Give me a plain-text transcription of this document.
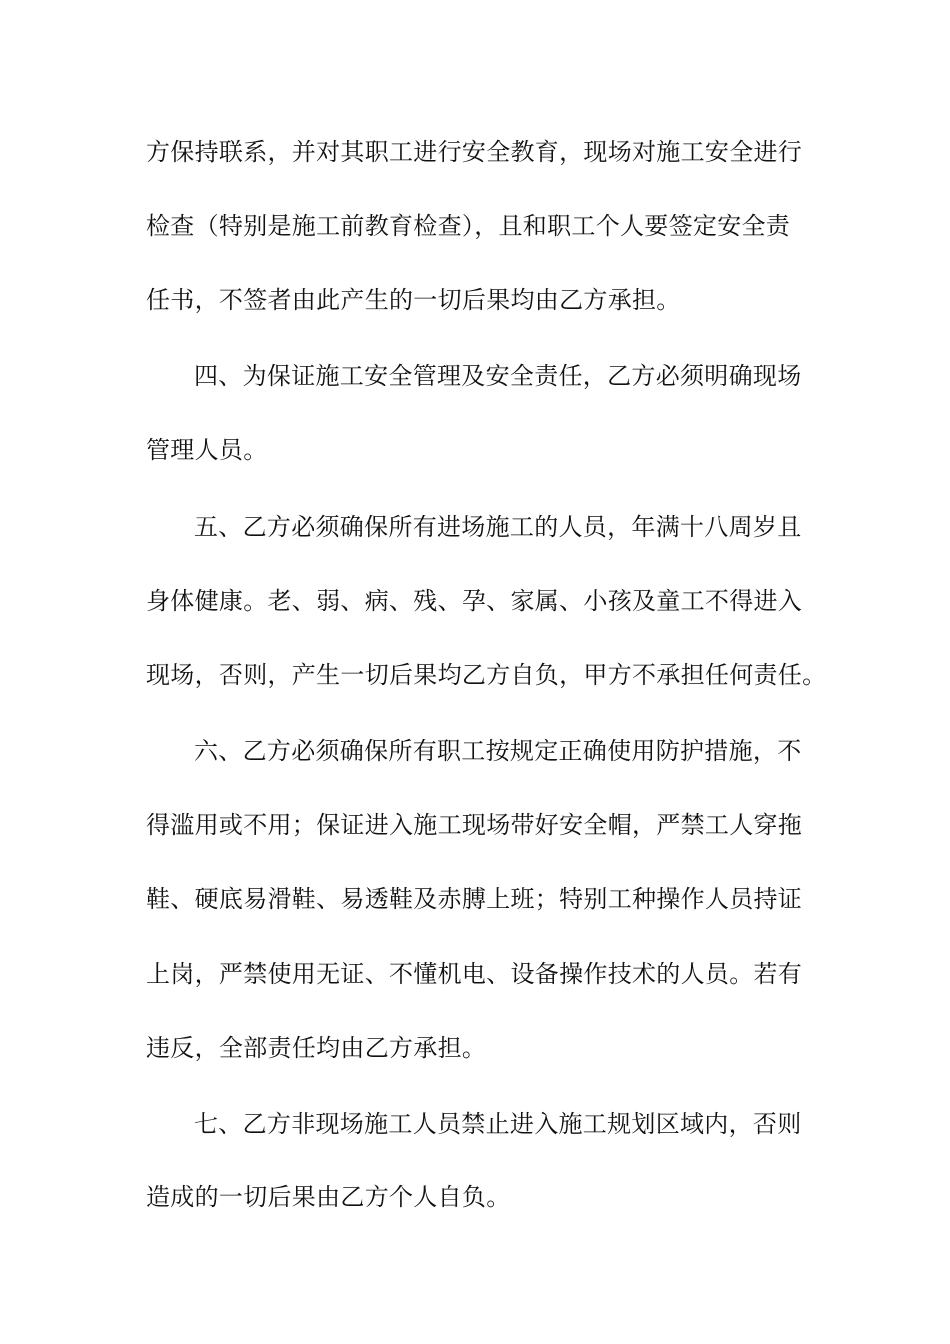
方保持联系，并对其职工进行安全教育，现场对施工安全进行
检查（特别是施工前教育检查），且和职工个人要签定安全责
任书，不签者由此产生的一切后果均由乙方承担。
四、为保证施工安全管理及安全责任，乙方必须明确现场
管理人员。
五、乙方必须确保所有进场施工的人员，年满十八周岁且
身体健康。老、弱、病、残、孕、家属、小孩及童工不得进入
现场，否则，产生一切后果均乙方自负，甲方不承担任何责任。
六、乙方必须确保所有职工按规定正确使用防护措施，不
得滥用或不用；保证进入施工现场带好安全帽，严禁工人穿拖
鞋、硬底易滑鞋、易透鞋及赤膊上班；特别工种操作人员持证
上岗，严禁使用无证、不懂机电、设备操作技术的人员。若有
违反，全部责任均由乙方承担。
七、乙方非现场施工人员禁止进入施工规划区域内，否则
造成的一切后果由乙方个人自负。
